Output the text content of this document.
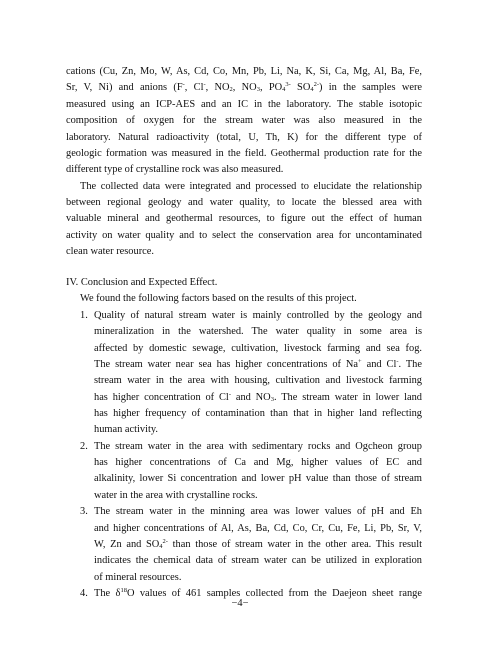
cations (Cu, Zn, Mo, W, As, Cd, Co, Mn, Pb, Li, Na, K, Si, Ca, Mg, Al, Ba, Fe,
Sr, V, Ni) and anions (F-, Cl-, $NO_2$, $NO_3$, $PO_4^{3-}$ $SO_4^{2-}$) in the samples were
measured using an ICP-AES and an IC in the laboratory. The stable isotopic
composition of oxygen for the stream water was also measured in the
laboratory. Natural radioactivity (total, U, Th, K) for the different type of
geologic formation was measured in the field. Geothermal production rate for the
different type of crystalline rock was also measured.
The collected data were integrated and processed to elucidate the relationship
between regional geology and water quality, to locate the blessed area with
valuable mineral and geothermal resources, to figure out the effect of human
activity on water quality and to select the conservation area for uncontaminated
clean water resource.
IV. Conclusion and Expected Effect.
We found the following factors based on the results of this project.
1. Quality of natural stream water is mainly controlled by the geology and
mineralization in the watershed. The water quality in some area is
affected by domestic sewage, cultivation, livestock farming and sea fog.
The stream water near sea has higher concentrations of Na+ and Cl-. The
stream water in the area with housing, cultivation and livestock farming
has higher concentration of Cl- and $NO_3$. The stream water in lower land
has higher frequency of contamination than that in higher land reflecting
human activity.
2. The stream water in the area with sedimentary rocks and Ogcheon group
has higher concentrations of Ca and Mg, higher values of EC and
alkalinity, lower Si concentration and lower pH value than those of stream
water in the area with crystalline rocks.
3. The stream water in the minning area was lower values of pH and Eh
and higher concentrations of Al, As, Ba, Cd, Co, Cr, Cu, Fe, Li, Pb, Sr, V,
W, Zn and $SO_4^{2-}$ than those of stream water in the other area. This result
indicates the chemical data of stream water can be utilized in exploration
of mineral resources.
4. The $\delta^{18}O$ values of 461 samples collected from the Daejeon sheet range
−4−
